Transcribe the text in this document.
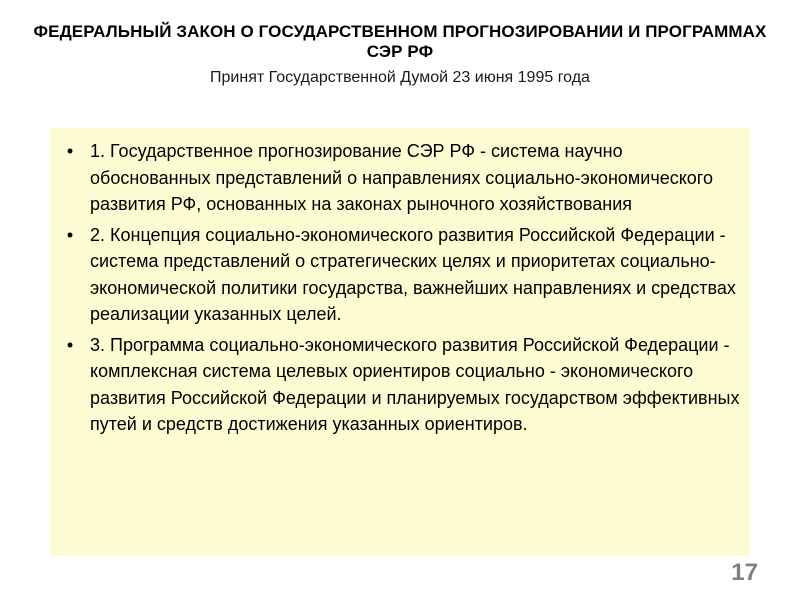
ФЕДЕРАЛЬНЫЙ ЗАКОН О ГОСУДАРСТВЕННОМ ПРОГНОЗИРОВАНИИ И ПРОГРАММАХ СЭР РФ
Принят Государственной Думой 23 июня 1995 года
• 1. Государственное прогнозирование СЭР РФ - система научно обоснованных представлений о направлениях социально-экономического развития РФ, основанных на законах рыночного хозяйствования
• 2. Концепция социально-экономического развития Российской Федерации - система представлений о стратегических целях и приоритетах социально-экономической политики государства, важнейших направлениях и средствах реализации указанных целей.
• 3. Программа социально-экономического развития Российской Федерации - комплексная система целевых ориентиров социально - экономического развития Российской Федерации и планируемых государством эффективных путей и средств достижения указанных ориентиров.
17
